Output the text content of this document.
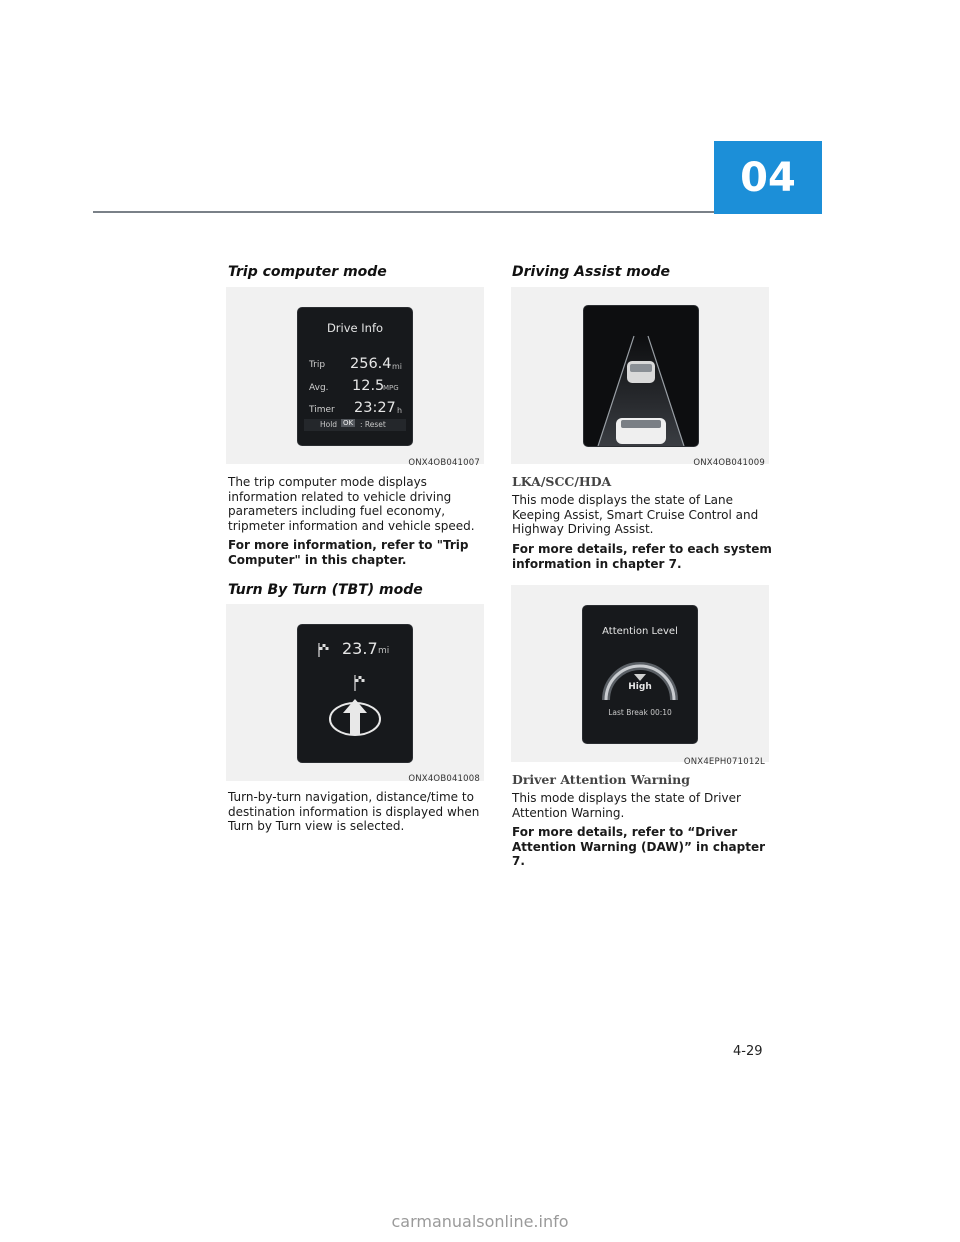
04
Trip computer mode
Drive Info
Trip 256.4 mi
Avg. 12.5
MPG
Timer 23:27 h
Hold OK : Reset
ONX4OB041007

The trip computer mode displays information related to vehicle driving parameters including fuel economy, tripmeter information and vehicle speed.

For more information, refer to "Trip Computer" in this chapter.

Turn By Turn (TBT) mode
23.7 mi
ONX4OB041008

Turn-by-turn navigation, distance/time to destination information is displayed when Turn by Turn view is selected.

Driving Assist mode
ONX4OB041009
LKA/SCC/HDA

This mode displays the state of Lane Keeping Assist, Smart Cruise Control and Highway Driving Assist.

For more details, refer to each system information in chapter 7.

Attention Level
High
Last Break 00:10
ONX4EPH071012L
Driver Attention Warning

This mode displays the state of Driver Attention Warning.

For more details, refer to “Driver Attention Warning (DAW)” in chapter 7.

4-29
carmanualsonline.info
